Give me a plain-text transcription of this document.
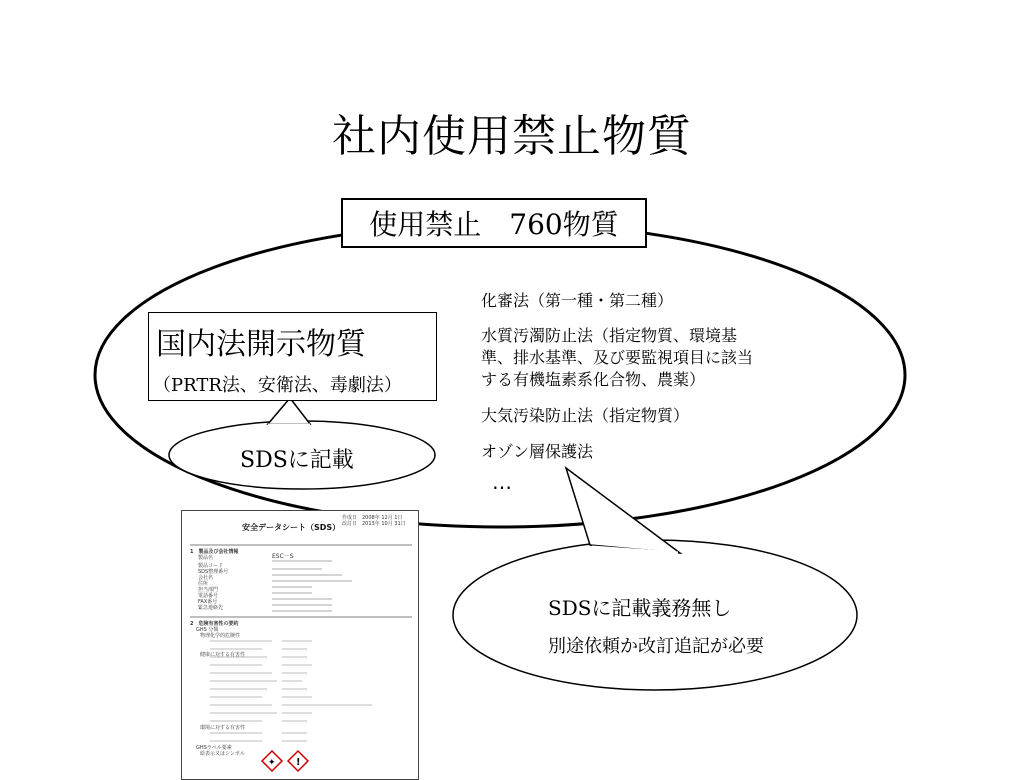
社内使用禁止物質
使用禁止　760物質
国内法開示物質
（PRTR法、安衛法、毒劇法）
化審法（第一種・第二種）
水質汚濁防止法（指定物質、環境基
準、排水基準、及び要監視項目に該当
する有機塩素系化合物、農薬）
大気汚染防止法（指定物質）
オゾン層保護法
…
SDSに記載
SDSに記載義務無し
別途依頼か改訂追記が必要
作成日　2008年 12月 1日
改訂日　2013年 10月 31日
安全データシート（SDS）
✦ !
1　製品及び会社情報
製品名	ESC－S
製品コード
SDS整理番号
会社名
住所
担当部門
電話番号
FAX番号
緊急連絡先
2　危険有害性の要約
GHS 分類
物理化学的危険性
健康に対する有害性
環境に対する有害性
GHSラベル要素
絵表示又はシンボル
